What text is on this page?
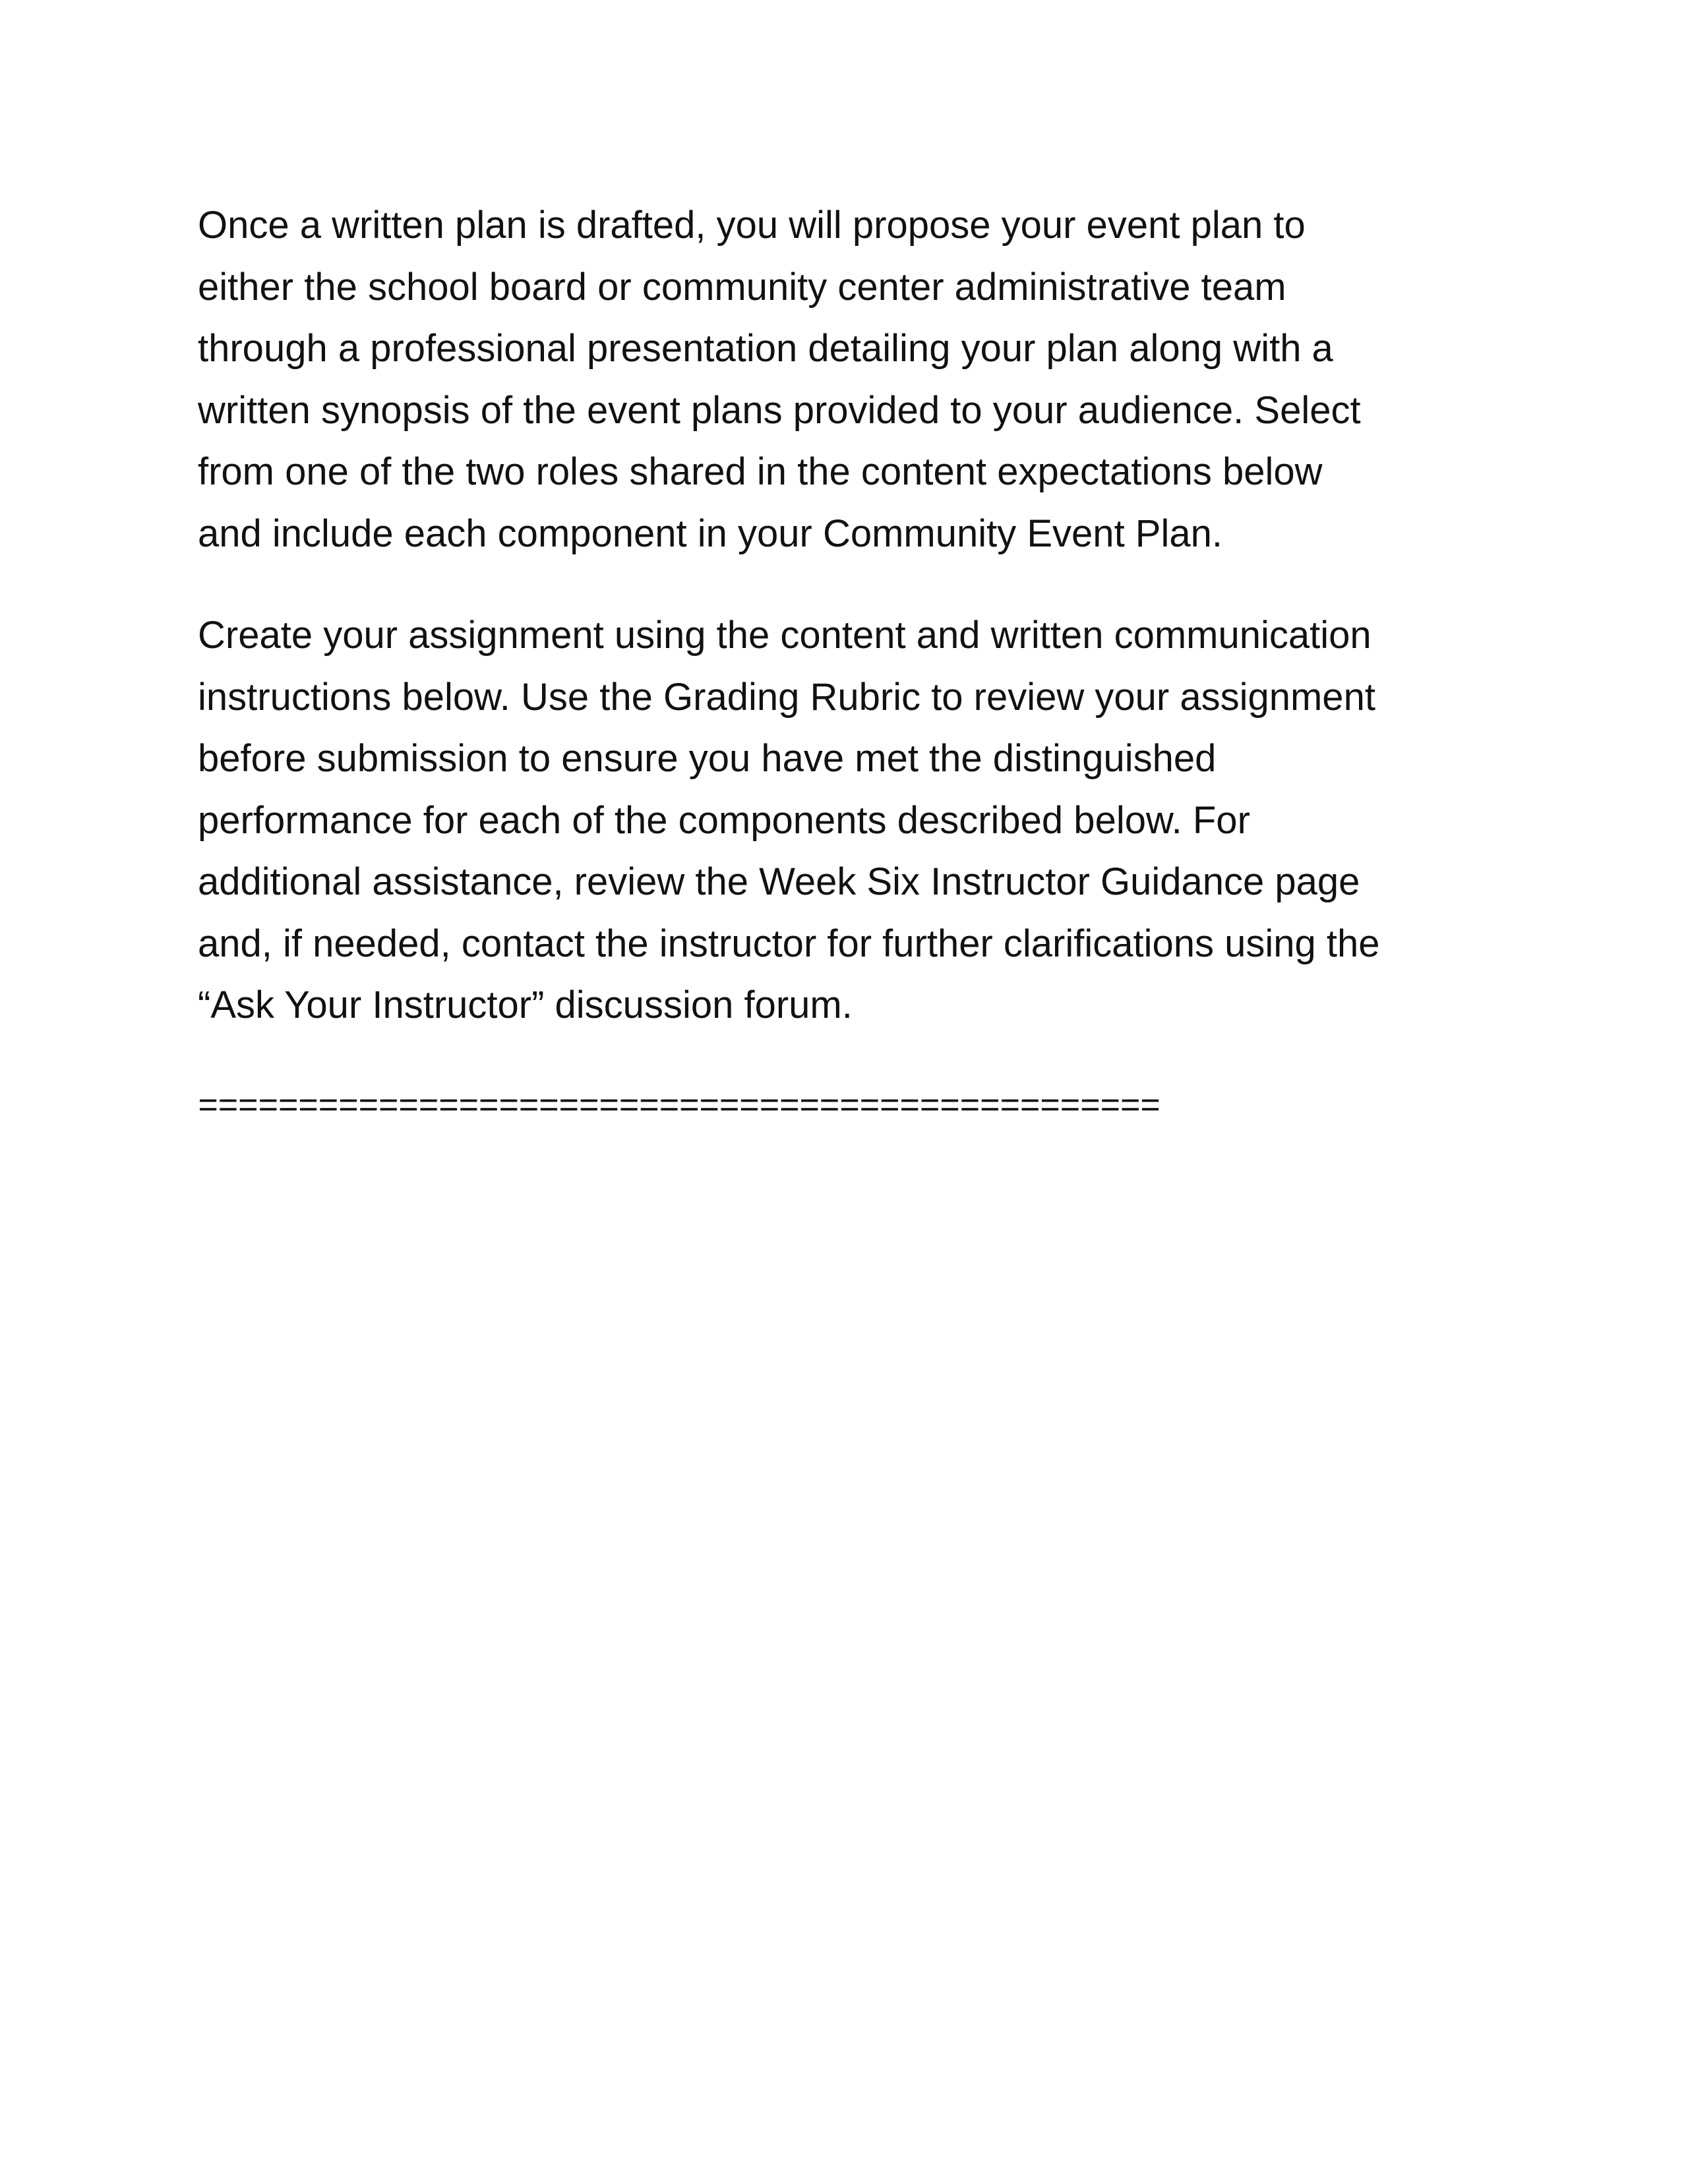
Once a written plan is drafted, you will propose your event plan to
either the school board or community center administrative team
through a professional presentation detailing your plan along with a
written synopsis of the event plans provided to your audience. Select
from one of the two roles shared in the content expectations below
and include each component in your Community Event Plan.

Create your assignment using the content and written communication
instructions below. Use the Grading Rubric to review your assignment
before submission to ensure you have met the distinguished
performance for each of the components described below. For
additional assistance, review the Week Six Instructor Guidance page
and, if needed, contact the instructor for further clarifications using the
“Ask Your Instructor” discussion forum.

================================================
